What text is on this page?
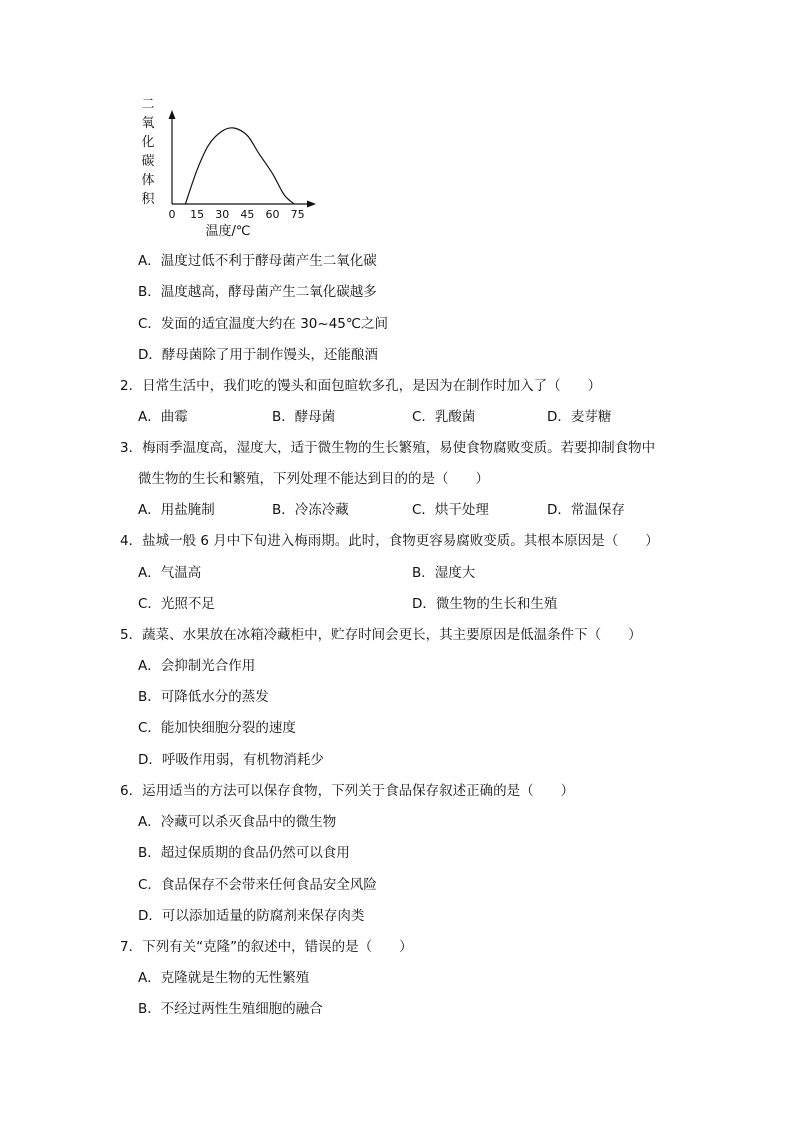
二
氧
化
碳
体
积
0 15 30 45 60 75
温度/℃
A．温度过低不利于酵母菌产生二氧化碳
B．温度越高，酵母菌产生二氧化碳越多
C．发面的适宜温度大约在 30~45℃之间
D．酵母菌除了用于制作馒头，还能酿酒
2．日常生活中，我们吃的馒头和面包暄软多孔，是因为在制作时加入了（　　）
A．曲霉	B．酵母菌	C．乳酸菌	D．麦芽糖
3．梅雨季温度高，湿度大，适于微生物的生长繁殖，易使食物腐败变质。若要抑制食物中
微生物的生长和繁殖，下列处理不能达到目的的是（　　）
A．用盐腌制	B．冷冻冷藏	C．烘干处理	D．常温保存
4．盐城一般 6 月中下旬进入梅雨期。此时，食物更容易腐败变质。其根本原因是（　　）
A．气温高	B．湿度大
C．光照不足	D．微生物的生长和生殖
5．蔬菜、水果放在冰箱冷藏柜中，贮存时间会更长，其主要原因是低温条件下（　　）
A．会抑制光合作用
B．可降低水分的蒸发
C．能加快细胞分裂的速度
D．呼吸作用弱，有机物消耗少
6．运用适当的方法可以保存食物，下列关于食品保存叙述正确的是（　　）
A．冷藏可以杀灭食品中的微生物
B．超过保质期的食品仍然可以食用
C．食品保存不会带来任何食品安全风险
D．可以添加适量的防腐剂来保存肉类
7．下列有关“克隆”的叙述中，错误的是（　　）
A．克隆就是生物的无性繁殖
B．不经过两性生殖细胞的融合
